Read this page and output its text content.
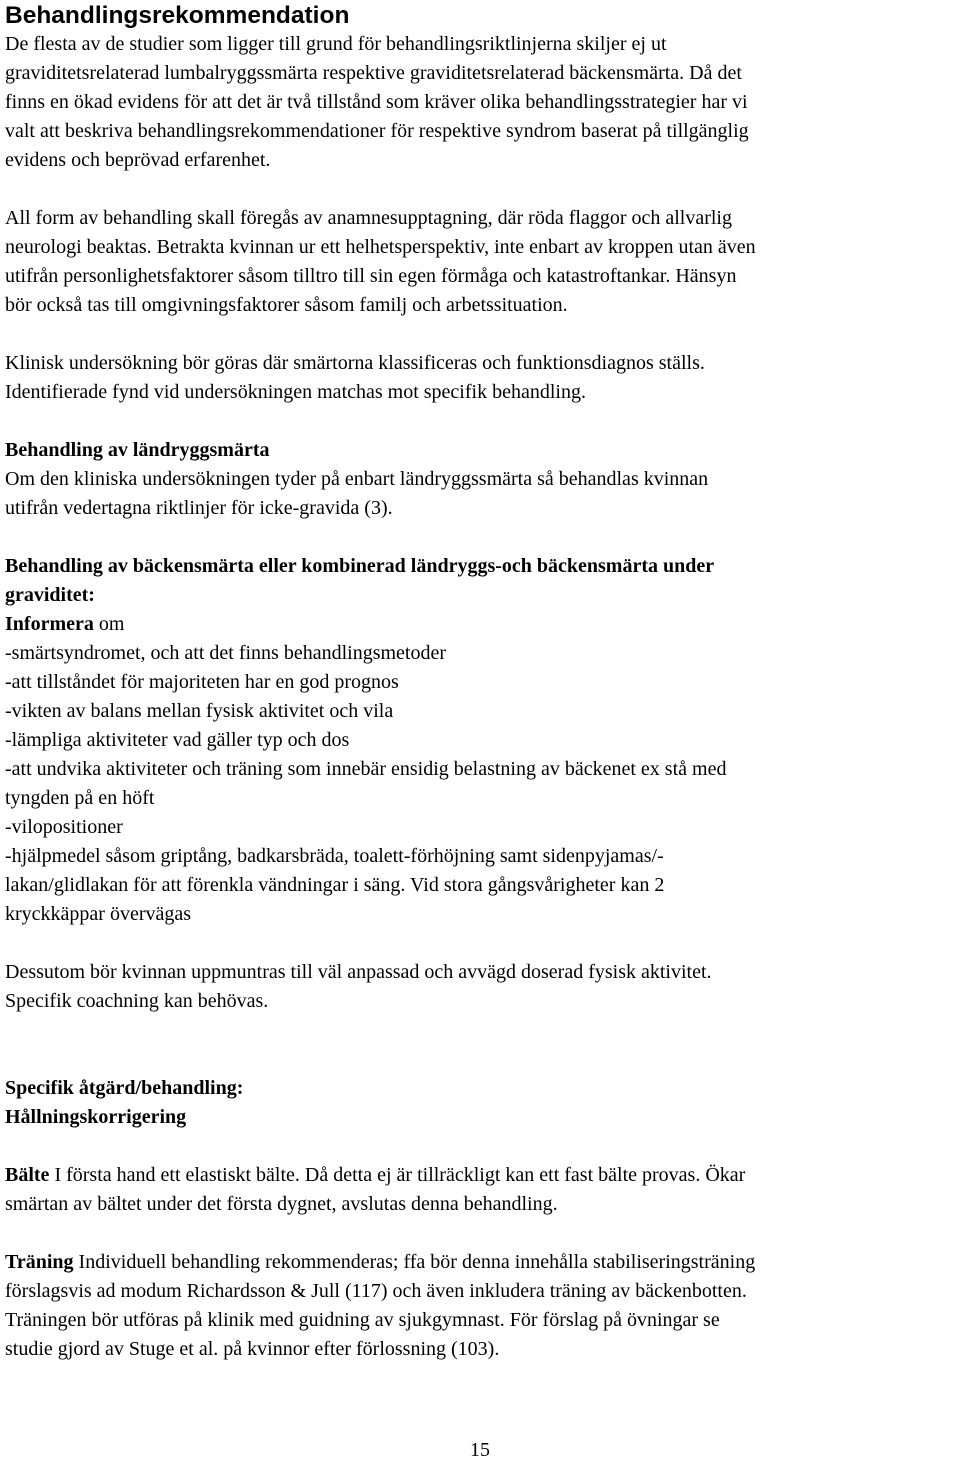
Behandlingsrekommendation

De flesta av de studier som ligger till grund för behandlingsriktlinjerna skiljer ej ut

graviditetsrelaterad lumbalryggssmärta respektive graviditetsrelaterad bäckensmärta. Då det

finns en ökad evidens för att det är två tillstånd som kräver olika behandlingsstrategier har vi

valt att beskriva behandlingsrekommendationer för respektive syndrom baserat på tillgänglig

evidens och beprövad erfarenhet.

All form av behandling skall föregås av anamnesupptagning, där röda flaggor och allvarlig

neurologi beaktas. Betrakta kvinnan ur ett helhetsperspektiv, inte enbart av kroppen utan även

utifrån personlighetsfaktorer såsom tilltro till sin egen förmåga och katastroftankar. Hänsyn

bör också tas till omgivningsfaktorer såsom familj och arbetssituation.

Klinisk undersökning bör göras där smärtorna klassificeras och funktionsdiagnos ställs.

Identifierade fynd vid undersökningen matchas mot specifik behandling.

Behandling av ländryggsmärta

Om den kliniska undersökningen tyder på enbart ländryggssmärta så behandlas kvinnan

utifrån vedertagna riktlinjer för icke-gravida (3).

Behandling av bäckensmärta eller kombinerad ländryggs-och bäckensmärta under

graviditet:

Informera om

-smärtsyndromet, och att det finns behandlingsmetoder

-att tillståndet för majoriteten har en god prognos

-vikten av balans mellan fysisk aktivitet och vila

-lämpliga aktiviteter vad gäller typ och dos

-att undvika aktiviteter och träning som innebär ensidig belastning av bäckenet ex stå med

tyngden på en höft

-vilopositioner

-hjälpmedel såsom griptång, badkarsbräda, toalett-förhöjning samt sidenpyjamas/-

lakan/glidlakan för att förenkla vändningar i säng. Vid stora gångsvårigheter kan 2

kryckkäppar övervägas

Dessutom bör kvinnan uppmuntras till väl anpassad och avvägd doserad fysisk aktivitet.

Specifik coachning kan behövas.

Specifik åtgärd/behandling:

Hållningskorrigering

Bälte I första hand ett elastiskt bälte. Då detta ej är tillräckligt kan ett fast bälte provas. Ökar

smärtan av bältet under det första dygnet, avslutas denna behandling.

Träning Individuell behandling rekommenderas; ffa bör denna innehålla stabiliseringsträning

förslagsvis ad modum Richardsson & Jull (117) och även inkludera träning av bäckenbotten.

Träningen bör utföras på klinik med guidning av sjukgymnast. För förslag på övningar se

studie gjord av Stuge et al. på kvinnor efter förlossning (103).

15
